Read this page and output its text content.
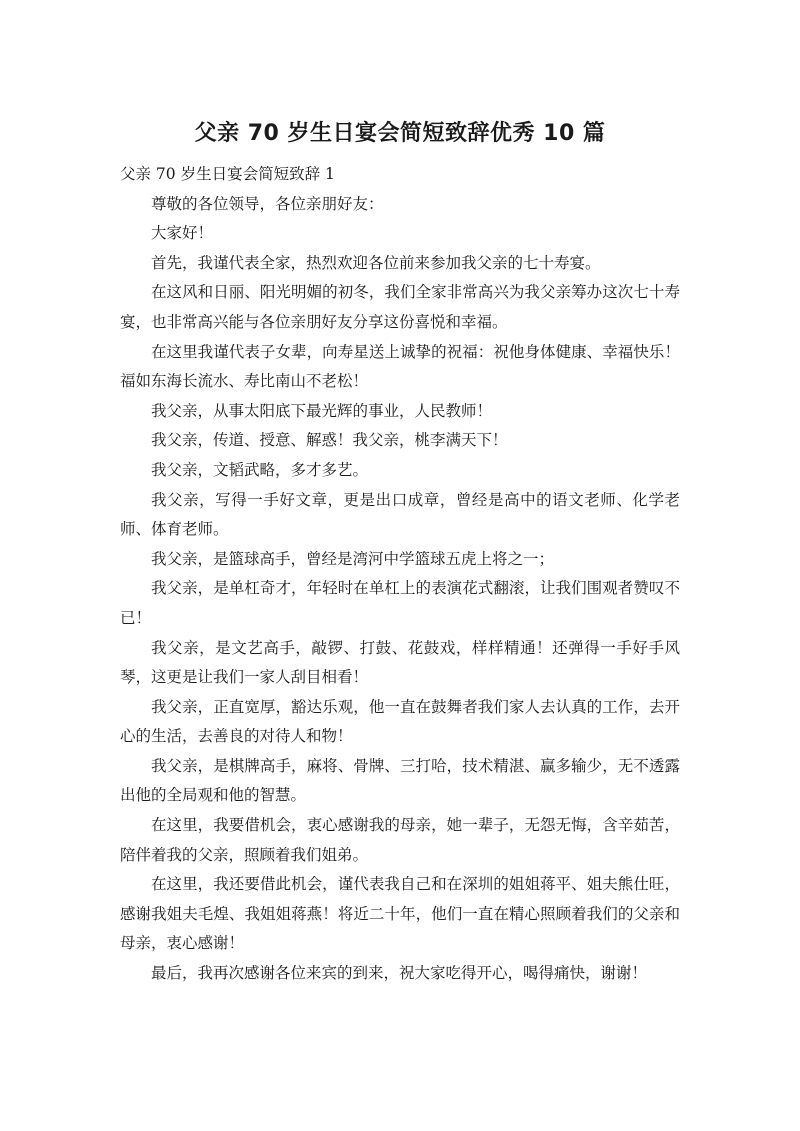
父亲 70 岁生日宴会简短致辞优秀 10 篇

父亲 70 岁生日宴会简短致辞 1

尊敬的各位领导，各位亲朋好友：

大家好！

首先，我谨代表全家，热烈欢迎各位前来参加我父亲的七十寿宴。

在这风和日丽、阳光明媚的初冬，我们全家非常高兴为我父亲筹办这次七十寿宴，也非常高兴能与各位亲朋好友分享这份喜悦和幸福。

在这里我谨代表子女辈，向寿星送上诚挚的祝福：祝他身体健康、幸福快乐！福如东海长流水、寿比南山不老松！

我父亲，从事太阳底下最光辉的事业，人民教师！

我父亲，传道、授意、解惑！我父亲，桃李满天下！

我父亲，文韬武略，多才多艺。

我父亲，写得一手好文章，更是出口成章，曾经是高中的语文老师、化学老师、体育老师。

我父亲，是篮球高手，曾经是湾河中学篮球五虎上将之一；

我父亲，是单杠奇才，年轻时在单杠上的表演花式翻滚，让我们围观者赞叹不已！

我父亲，是文艺高手，敲锣、打鼓、花鼓戏，样样精通！还弹得一手好手风琴，这更是让我们一家人刮目相看！

我父亲，正直宽厚，豁达乐观，他一直在鼓舞者我们家人去认真的工作，去开心的生活，去善良的对待人和物！

我父亲，是棋牌高手，麻将、骨牌、三打哈，技术精湛、赢多输少，无不透露出他的全局观和他的智慧。

在这里，我要借机会，衷心感谢我的母亲，她一辈子，无怨无悔，含辛茹苦，陪伴着我的父亲，照顾着我们姐弟。

在这里，我还要借此机会，谨代表我自己和在深圳的姐姐蒋平、姐夫熊仕旺，感谢我姐夫毛煌、我姐姐蒋燕！将近二十年，他们一直在精心照顾着我们的父亲和母亲，衷心感谢！

最后，我再次感谢各位来宾的到来，祝大家吃得开心，喝得痛快，谢谢！
